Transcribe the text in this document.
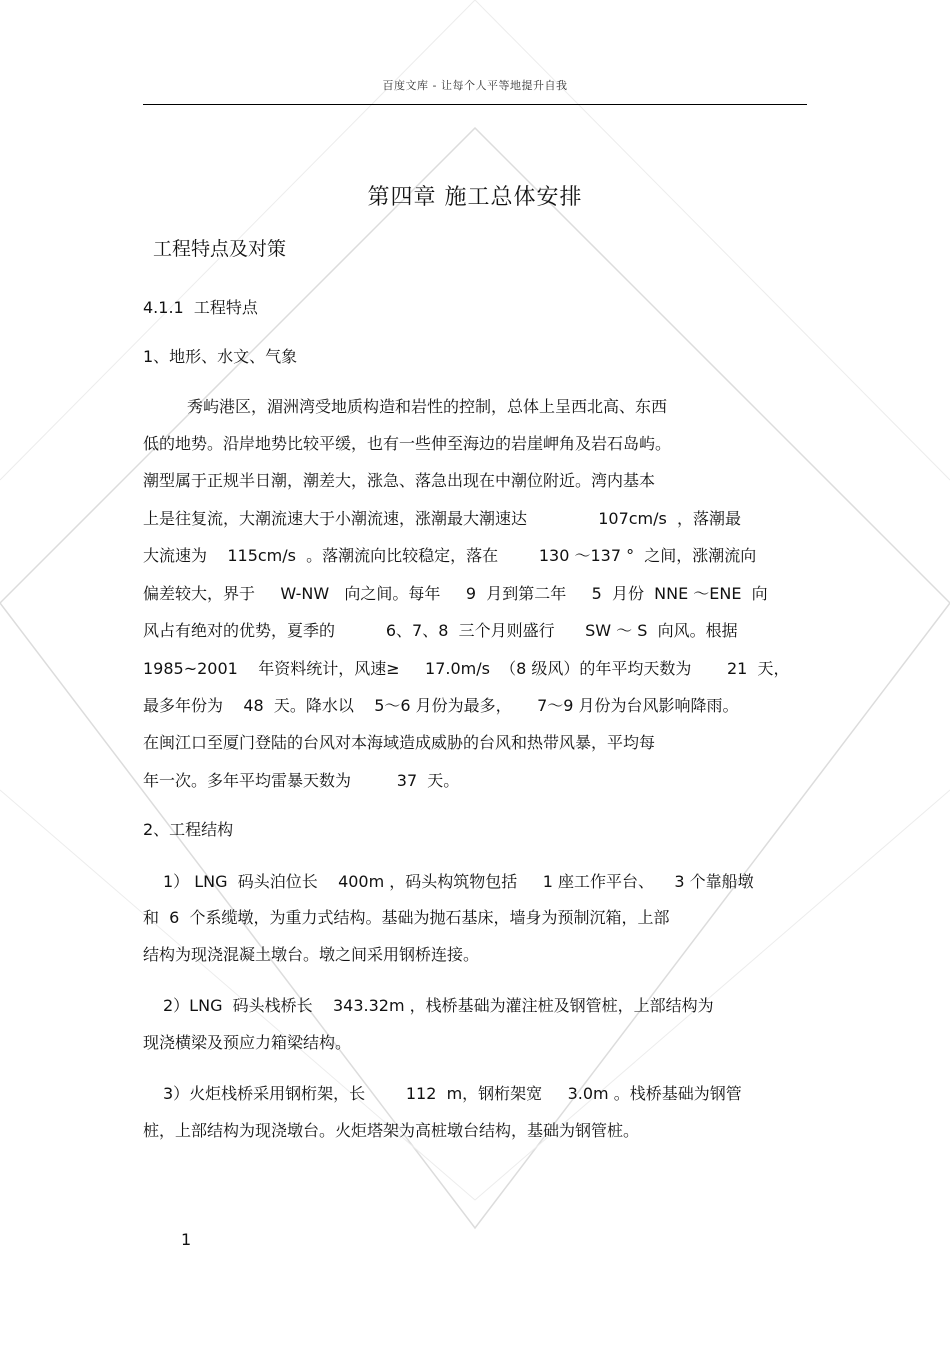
百度文库 - 让每个人平等地提升自我
第四章 施工总体安排
工程特点及对策
4.1.1  工程特点
1、地形、水文、气象
秀屿港区，湄洲湾受地质构造和岩性的控制，总体上呈西北高、东西
低的地势。沿岸地势比较平缓，也有一些伸至海边的岩崖岬角及岩石岛屿。
潮型属于正规半日潮，潮差大，涨急、落急出现在中潮位附近。湾内基本
上是往复流，大潮流速大于小潮流速，涨潮最大潮速达              107cm/s  ，落潮最
大流速为    115cm/s  。落潮流向比较稳定，落在        130 ～137 °  之间，涨潮流向
偏差较大，界于     W-NW   向之间。每年     9  月到第二年     5  月份  NNE ～ENE  向
风占有绝对的优势，夏季的          6、7、8  三个月则盛行      SW ～ S  向风。根据
1985~2001    年资料统计，风速≥     17.0m/s  （8 级风）的年平均天数为       21  天，
最多年份为    48  天。降水以    5～6 月份为最多，     7～9 月份为台风影响降雨。
在闽江口至厦门登陆的台风对本海域造成威胁的台风和热带风暴，平均每
年一次。多年平均雷暴天数为         37  天。
2、工程结构
1） LNG  码头泊位长    400m ，码头构筑物包括     1 座工作平台、    3 个靠船墩
和  6  个系缆墩，为重力式结构。基础为抛石基床，墙身为预制沉箱，上部
结构为现浇混凝土墩台。墩之间采用钢桥连接。
2）LNG  码头栈桥长    343.32m ，栈桥基础为灌注桩及钢管桩，上部结构为
现浇横梁及预应力箱梁结构。
3）火炬栈桥采用钢桁架，长        112  m，钢桁架宽     3.0m 。栈桥基础为钢管
桩，上部结构为现浇墩台。火炬塔架为高桩墩台结构，基础为钢管桩。
1
